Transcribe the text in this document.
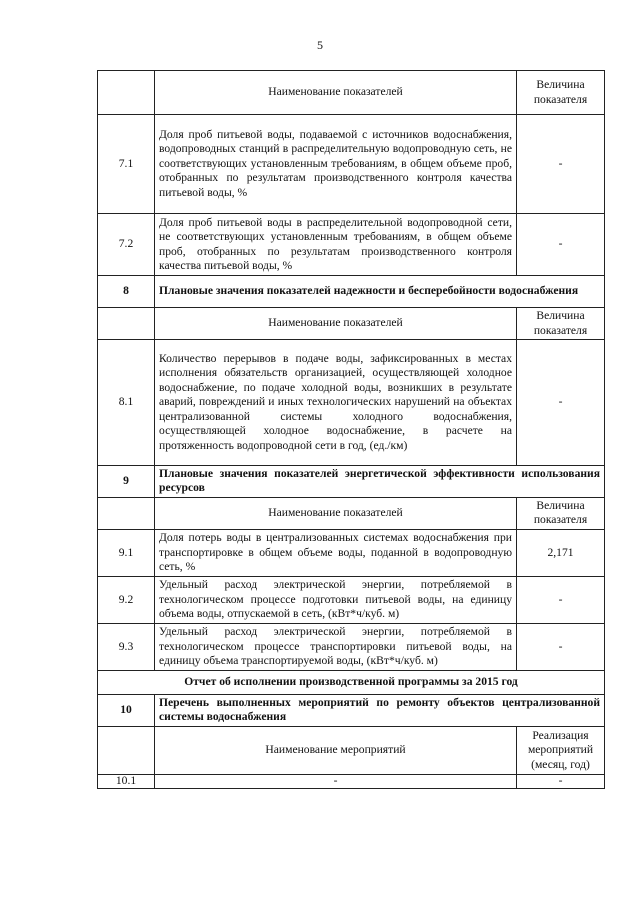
5
	Наименование показателей	Величина показателя
7.1	Доля проб питьевой воды, подаваемой с источников водоснабжения, водопроводных станций в распределительную водопроводную сеть, не соответствующих установленным требованиям, в общем объеме проб, отобранных по результатам производственного контроля качества питьевой воды, %	-
7.2	Доля проб питьевой воды в распределительной водопроводной сети, не соответствующих установленным требованиям, в общем объеме проб, отобранных по результатам производственного контроля качества питьевой воды, %	-
8	Плановые значения показателей надежности и бесперебойности водоснабжения	
	Наименование показателей	Величина показателя
8.1	Количество перерывов в подаче воды, зафиксированных в местах исполнения обязательств организацией, осуществляющей холодное водоснабжение, по подаче холодной воды, возникших в результате аварий, повреждений и иных технологических нарушений на объектах централизованной системы холодного водоснабжения, осуществляющей холодное водоснабжение, в расчете на протяженность водопроводной сети в год, (ед./км)	-
9	Плановые значения показателей энергетической эффективности использования ресурсов	
	Наименование показателей	Величина показателя
9.1	Доля потерь воды в централизованных системах водоснабжения при транспортировке в общем объеме воды, поданной в водопроводную сеть, %	2,171
9.2	Удельный расход электрической энергии, потребляемой в технологическом процессе подготовки питьевой воды, на единицу объема воды, отпускаемой в сеть, (кВт*ч/куб. м)	-
9.3	Удельный расход электрической энергии, потребляемой в технологическом процессе транспортировки питьевой воды, на единицу объема транспортируемой воды, (кВт*ч/куб. м)	-
Отчет об исполнении производственной программы за 2015 год		
10	Перечень выполненных мероприятий по ремонту объектов централизованной системы водоснабжения	
	Наименование мероприятий	Реализация мероприятий (месяц, год)
10.1	-	-
